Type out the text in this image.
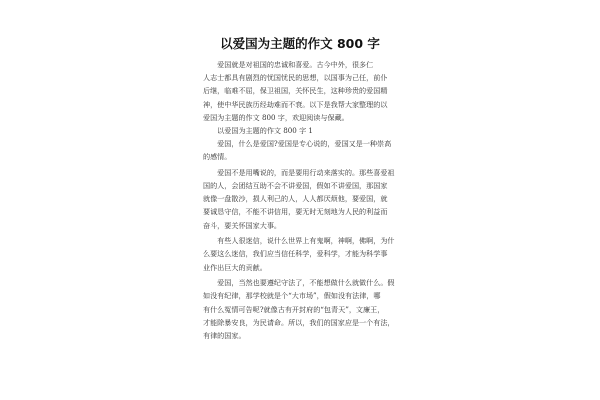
以爱国为主题的作文 800 字
　　爱国就是对祖国的忠诚和喜爱。古今中外，很多仁
人志士都具有剧烈的忧国忧民的思想，以国事为己任，前仆
后继，临难不屈，保卫祖国，关怀民生，这种珍贵的爱国精
神，使中华民族历经劫难而不衰。以下是我帮大家整理的以
爱国为主题的作文 800 字，欢迎阅读与保藏。
　　以爱国为主题的作文 800 字 1
　　爱国，什么是爱国?爱国是专心说的，爱国又是一种崇高
的感情。
　　爱国不是用嘴说的，而是要用行动来落实的。那些喜爱祖
国的人，会团结互助不会不讲爱国，假如不讲爱国，那国家
就像一盘散沙，损人利己的人，人人都厌烦他，要爱国，就
要诚恳守信，不能不讲信用，要无时无刻地为人民的利益而
奋斗，要关怀国家大事。
　　有些人很迷信，说什么世界上有鬼啊，神啊，佛啊，为什
么要这么迷信，我们应当信任科学，爱科学，才能为科学事
业作出巨大的贡献。
　　爱国，当然也要遵纪守法了，不能想做什么就做什么。假
如没有纪律，那学校就是个“大市场”，假如没有法律，哪
有什么冤情可告呢?就像古有开封府的“包青天”，文廉王，
才能除暴安良，为民请命。所以，我们的国家应是一个有法，
有律的国家。
